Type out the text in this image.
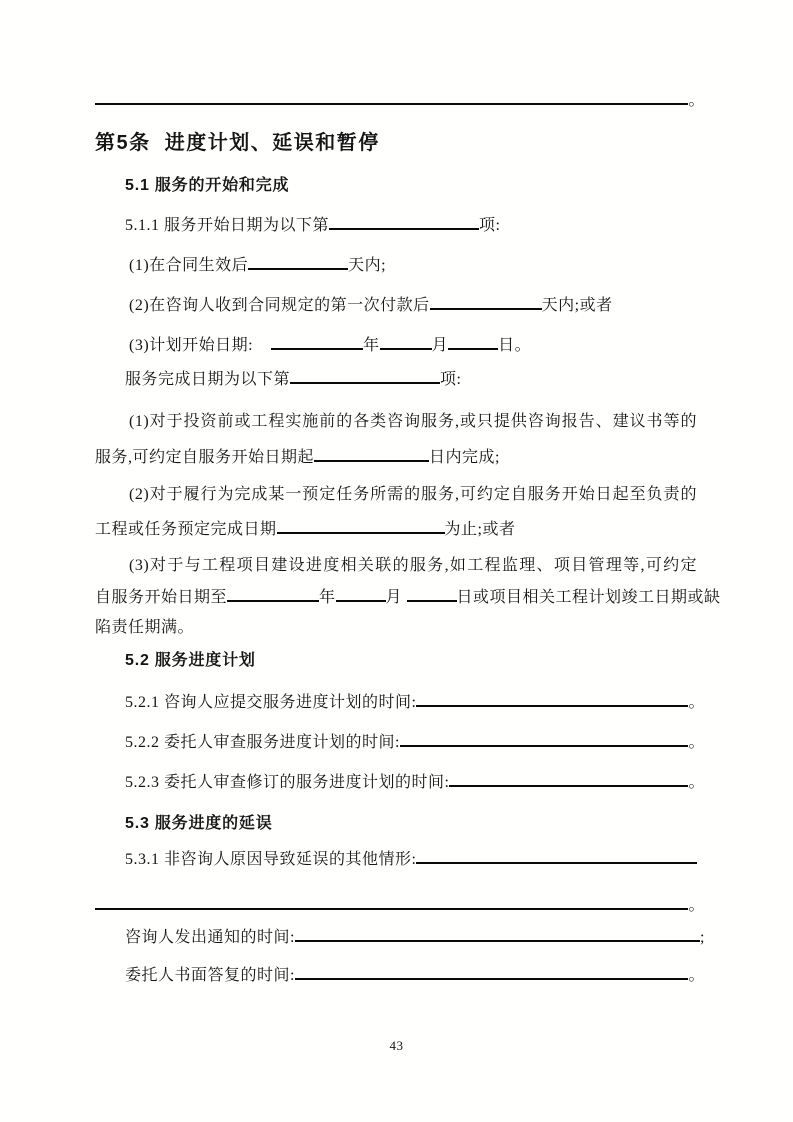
43
。
第5条  进度计划、延误和暂停
5.1 服务的开始和完成
5.1.1 服务开始日期为以下第	项:
(1)在合同生效后	天内;
(2)在咨询人收到合同规定的第一次付款后	天内;或者
(3)计划开始日期:	年	月	日。
服务完成日期为以下第	项:
(1)对于投资前或工程实施前的各类咨询服务,或只提供咨询报告、建议书等的
服务,可约定自服务开始日期起	日内完成;
(2)对于履行为完成某一预定任务所需的服务,可约定自服务开始日起至负责的
工程或任务预定完成日期	为止;或者
(3)对于与工程项目建设进度相关联的服务,如工程监理、项目管理等,可约定
自服务开始日期至	年	月	日或项目相关工程计划竣工日期或缺
陷责任期满。
5.2 服务进度计划
5.2.1 咨询人应提交服务进度计划的时间:	。
5.2.2 委托人审查服务进度计划的时间:	。
5.2.3 委托人审查修订的服务进度计划的时间:	。
5.3 服务进度的延误
5.3.1 非咨询人原因导致延误的其他情形:
。
咨询人发出通知的时间:	;
委托人书面答复的时间:	。
